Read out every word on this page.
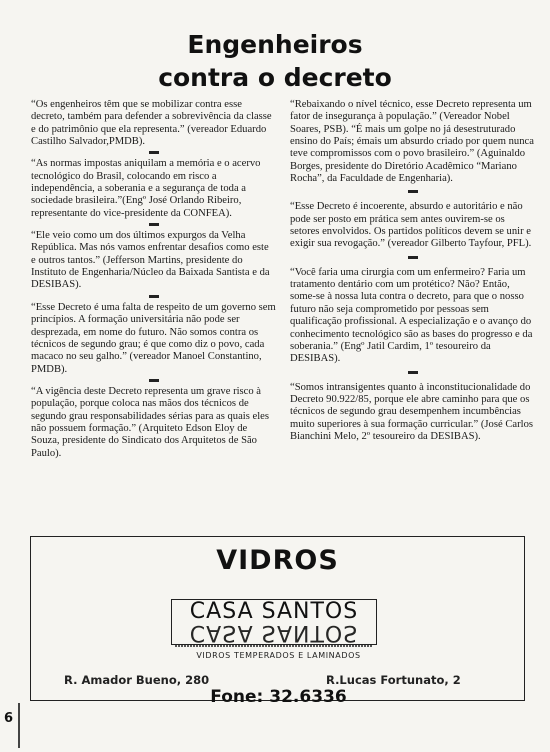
Engenheiros
contra o decreto

“Os engenheiros têm que se mobilizar contra esse decreto, também para defender a sobrevivência da classe e do patrimônio que ela representa.” (vereador Eduardo Castilho Salvador,PMDB).

“As normas impostas aniquilam a memória e o acervo tecnológico do Brasil, colocando em risco a independência, a soberania e a segurança de toda a sociedade brasileira.”(Engº José Orlando Ribeiro, representante do vice-presidente da CONFEA).

“Ele veio como um dos últimos expurgos da Velha República. Mas nós vamos enfrentar desafios como este e outros tantos.” (Jefferson Martins, presidente do Instituto de Engenharia/Núcleo da Baixada Santista e da DESIBAS).

“Esse Decreto é uma falta de respeito de um governo sem princípios. A formação universitária não pode ser desprezada, em nome do futuro. Não somos contra os técnicos de segundo grau; é que como diz o povo, cada macaco no seu galho.” (vereador Manoel Constantino, PMDB).

“A vigência deste Decreto representa um grave risco à população, porque coloca nas mãos dos técnicos de segundo grau responsabilidades sérias para as quais eles não possuem formação.” (Arquiteto Edson Eloy de Souza, presidente do Sindicato dos Arquitetos de São Paulo).

“Rebaixando o nível técnico, esse Decreto representa um fator de insegurança à população.” (Vereador Nobel Soares, PSB). “É mais um golpe no já desestruturado ensino do País; émais um absurdo criado por quem nunca teve compromissos com o povo brasileiro.” (Aguinaldo Borges, presidente do Diretório Acadêmico “Mariano Rocha”, da Faculdade de Engenharia).

“Esse Decreto é incoerente, absurdo e autoritário e não pode ser posto em prática sem antes ouvirem-se os setores envolvidos. Os partidos políticos devem se unir e exigir sua revogação.” (vereador Gilberto Tayfour, PFL).

“Você faria uma cirurgia com um enfermeiro? Faria um tratamento dentário com um protético? Não? Então, some-se à nossa luta contra o decreto, para que o nosso futuro não seja comprometido por pessoas sem qualificação profissional. A especialização e o avanço do conhecimento tecnológico são as bases do progresso e da soberania.” (Engº Jatil Cardim, 1º tesoureiro da DESIBAS).

“Somos intransigentes quanto à inconstitucionalidade do Decreto 90.922/85, porque ele abre caminho para que os técnicos de segundo grau desempenhem incumbências muito superiores à sua formação curricular.” (José Carlos Bianchini Melo, 2º tesoureiro da DESIBAS).

VIDROS
CASA SANTOS
CASA SANTOS
VIDROS TEMPERADOS E LAMINADOS
R. Amador Bueno, 280	R.Lucas Fortunato, 2
Fone: 32.6336
6
